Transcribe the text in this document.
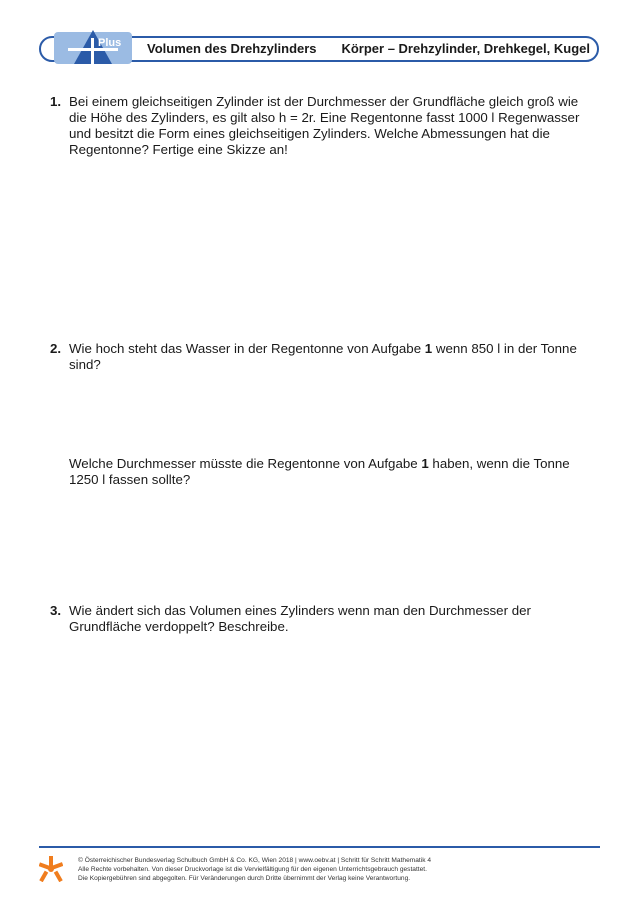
Plus Volumen des Drehzylinders Körper – Drehzylinder, Drehkegel, Kugel
1. Bei einem gleichseitigen Zylinder ist der Durchmesser der Grundfläche gleich groß wie die Höhe des Zylinders, es gilt also h = 2r. Eine Regentonne fasst 1000 l Regenwasser und besitzt die Form eines gleichseitigen Zylinders. Welche Abmessungen hat die Regentonne? Fertige eine Skizze an!
2. Wie hoch steht das Wasser in der Regentonne von Aufgabe 1 wenn 850 l in der Tonne sind?
Welche Durchmesser müsste die Regentonne von Aufgabe 1 haben, wenn die Tonne 1250 l fassen sollte?
3. Wie ändert sich das Volumen eines Zylinders wenn man den Durchmesser der Grundfläche verdoppelt? Beschreibe.
© Österreichischer Bundesverlag Schulbuch GmbH & Co. KG, Wien 2018 | www.oebv.at | Schritt für Schritt Mathematik 4
Alle Rechte vorbehalten. Von dieser Druckvorlage ist die Vervielfältigung für den eigenen Unterrichtsgebrauch gestattet.
Die Kopiergebühren sind abgegolten. Für Veränderungen durch Dritte übernimmt der Verlag keine Verantwortung.
